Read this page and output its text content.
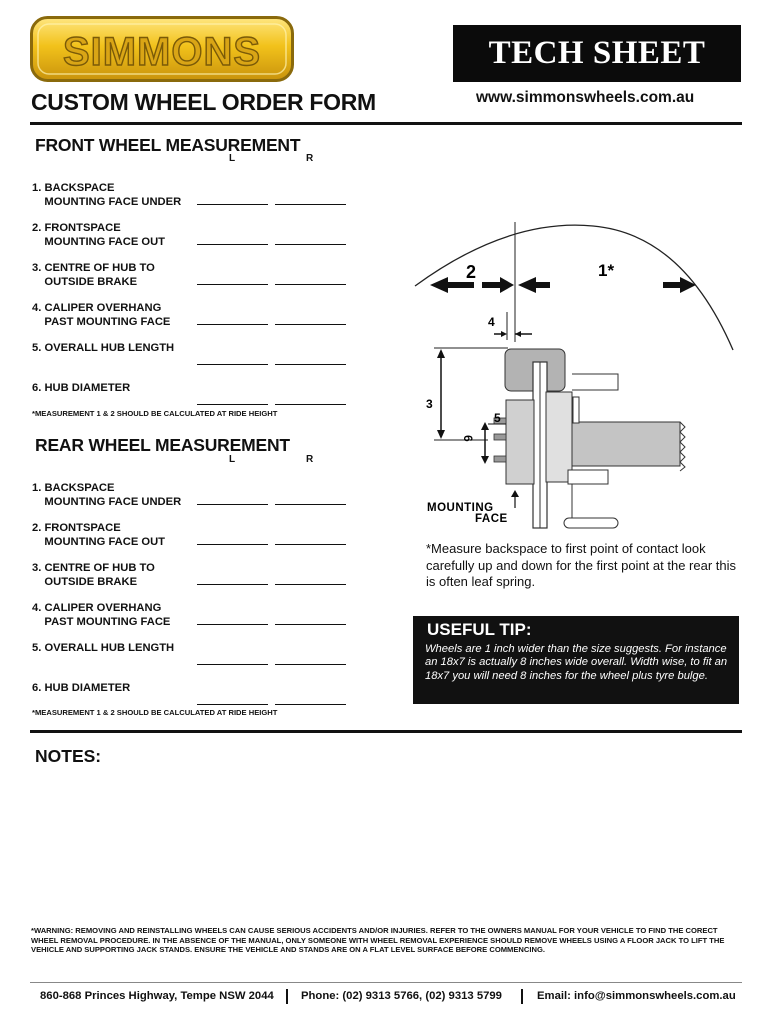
SIMMONS	TECH SHEET
CUSTOM WHEEL ORDER FORM	www.simmonswheels.com.au
FRONT WHEEL MEASUREMENT
L	R
1. BACKSPACE
MOUNTING FACE UNDER
2. FRONTSPACE
MOUNTING FACE OUT
3. CENTRE OF HUB TO
OUTSIDE BRAKE
4. CALIPER OVERHANG
PAST MOUNTING FACE
5. OVERALL HUB LENGTH
6. HUB DIAMETER
*MEASUREMENT 1 & 2 SHOULD BE CALCULATED AT RIDE HEIGHT
REAR WHEEL MEASUREMENT
L	R
1. BACKSPACE
MOUNTING FACE UNDER
2. FRONTSPACE
MOUNTING FACE OUT
3. CENTRE OF HUB TO
OUTSIDE BRAKE
4. CALIPER OVERHANG
PAST MOUNTING FACE
5. OVERALL HUB LENGTH
6. HUB DIAMETER
*MEASUREMENT 1 & 2 SHOULD BE CALCULATED AT RIDE HEIGHT
2	1*
4
3
6
5
MOUNTING
FACE
*Measure backspace to first point of contact look carefully up and down for the first point at the rear this is often leaf spring.
USEFUL TIP:
Wheels are 1 inch wider than the size suggests. For instance an 18x7 is actually 8 inches wide overall. Width wise, to fit an 18x7 you will need 8 inches for the wheel plus tyre bulge.
NOTES:
*WARNING: REMOVING AND REINSTALLING WHEELS CAN CAUSE SERIOUS ACCIDENTS AND/OR INJURIES. REFER TO THE OWNERS MANUAL FOR YOUR VEHICLE TO FIND THE CORECT WHEEL REMOVAL PROCEDURE. IN THE ABSENCE OF THE MANUAL, ONLY SOMEONE WITH WHEEL REMOVAL EXPERIENCE SHOULD REMOVE WHEELS USING A FLOOR JACK TO LIFT THE VEHICLE AND SUPPORTING JACK STANDS. ENSURE THE VEHICLE AND STANDS ARE ON A FLAT LEVEL SURFACE BEFORE COMMENCING.
860-868 Princes Highway, Tempe NSW 2044 Phone: (02) 9313 5766, (02) 9313 5799	Email: info@simmonswheels.com.au
